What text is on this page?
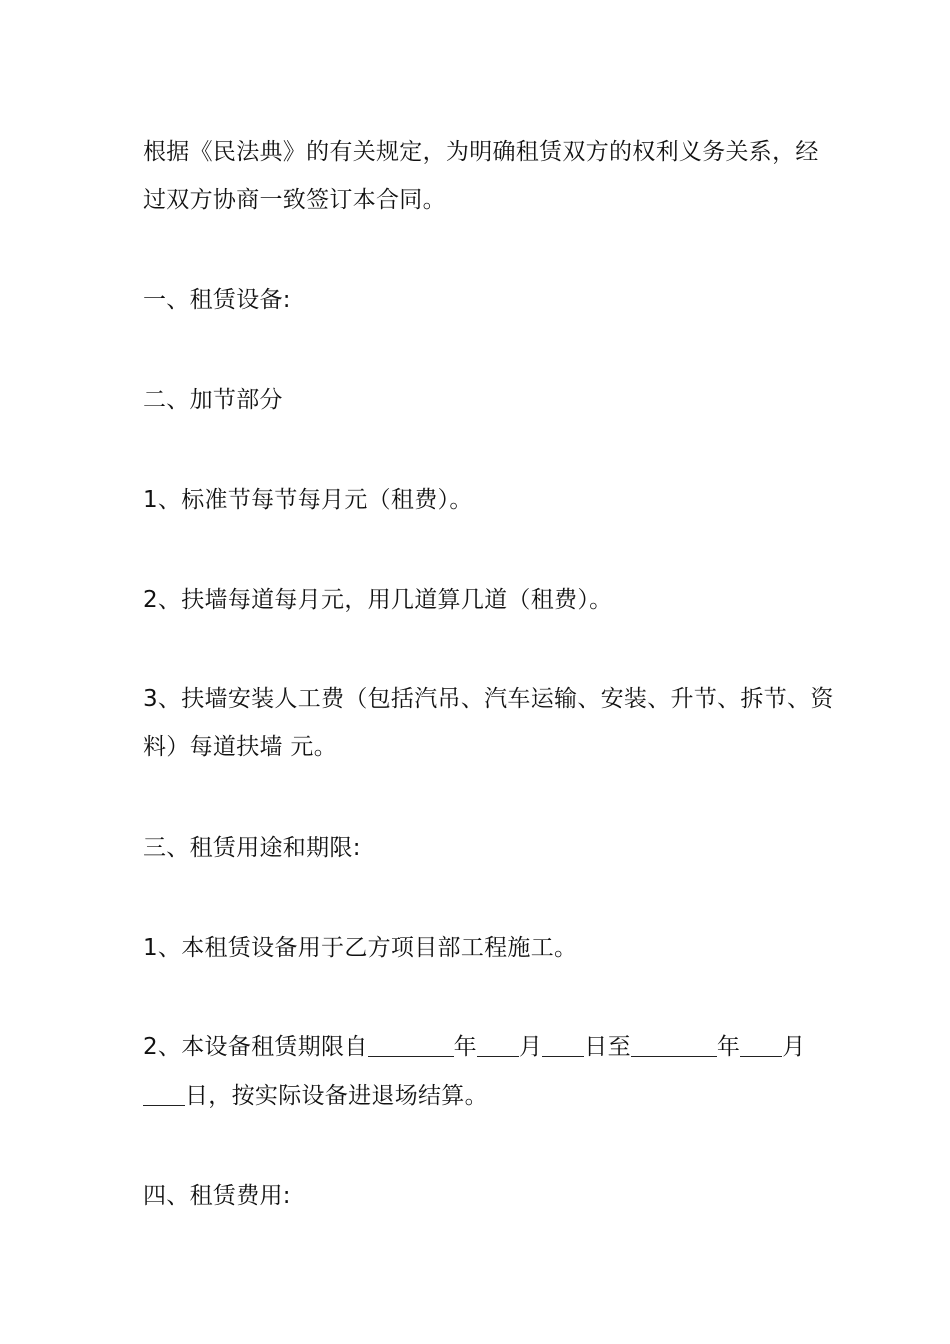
根据《民法典》的有关规定，为明确租赁双方的权利义务关系，经

过双方协商一致签订本合同。

一、租赁设备:

二、加节部分

1、标准节每节每月元（租费）。

2、扶墙每道每月元，用几道算几道（租费）。

3、扶墙安装人工费（包括汽吊、汽车运输、安装、升节、拆节、资

料）每道扶墙 元。

三、租赁用途和期限:

1、本租赁设备用于乙方项目部工程施工。

2、本设备租赁期限自	年 月 日至	年 月

日，按实际设备进退场结算。

四、租赁费用:
